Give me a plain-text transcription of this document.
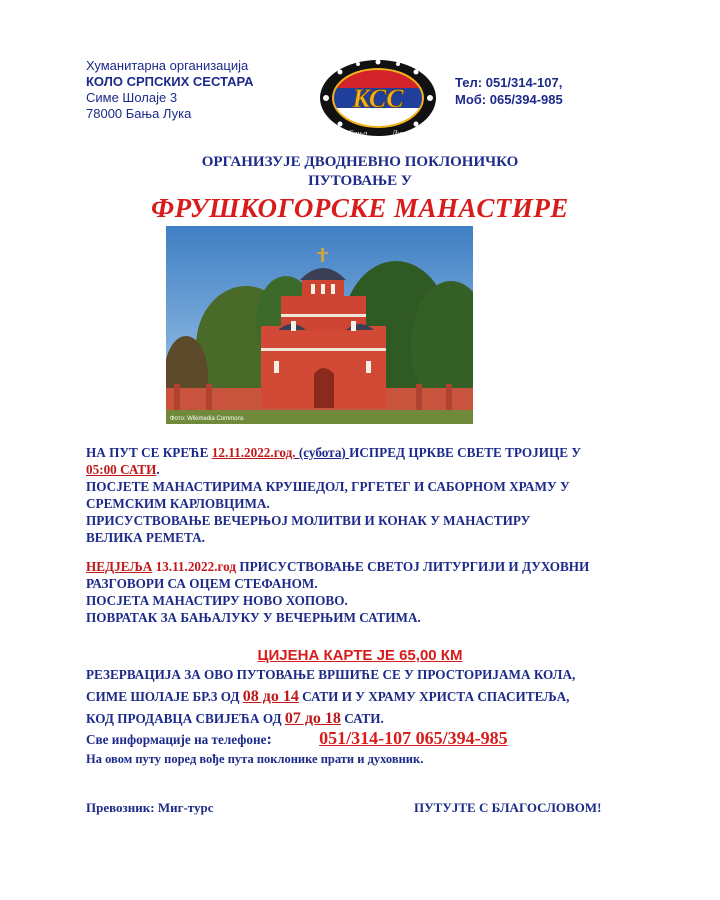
Хуманитарна организација
КОЛО СРПСКИХ СЕСТАРА
Симе Шолаје 3
78000 Бања Лука
КСС
Бања	Лука
Тел: 051/314-107,
Моб: 065/394-985
ОРГАНИЗУЈЕ ДВОДНЕВНО ПОКЛОНИЧКО
ПУТОВАЊЕ У
ФРУШКОГОРСКЕ МАНАСТИРЕ
Фото: Wikimedia Commons
НА ПУТ СЕ КРЕЋЕ 12.11.2022.год. (субота) ИСПРЕД ЦРКВЕ СВЕТЕ ТРОЈИЦЕ У
05:00 САТИ.
ПОСЈЕТЕ МАНАСТИРИМА КРУШЕДОЛ, ГРГЕТЕГ И САБОРНОМ ХРАМУ У
СРЕМСКИМ КАРЛОВЦИМА.
ПРИСУСТВОВАЊЕ ВЕЧЕРЊОЈ МОЛИТВИ И КОНАК У МАНАСТИРУ
ВЕЛИКА РЕМЕТА.
НЕДЈЕЉА 13.11.2022.год ПРИСУСТВОВАЊЕ СВЕТОЈ ЛИТУРГИЈИ И ДУХОВНИ
РАЗГОВОРИ СА ОЦЕМ СТЕФАНОМ.
ПОСЈЕТА МАНАСТИРУ НОВО ХОПОВО.
ПОВРАТАК ЗА БАЊАЛУКУ У ВЕЧЕРЊИМ САТИМА.
ЦИЈЕНА КАРТЕ ЈЕ 65,00 КМ
РЕЗЕРВАЦИЈА ЗА ОВО ПУТОВАЊЕ ВРШИЋЕ СЕ У ПРОСТОРИЈАМА КОЛА,
СИМЕ ШОЛАЈЕ БР.3 ОД 08 до 14 САТИ И У ХРАМУ ХРИСТА СПАСИТЕЉА,
КОД ПРОДАВЦА СВИЈЕЋА ОД 07 до 18 САТИ.
Све информације на телефоне:	051/314-107 065/394-985
На овом путу поред вође пута поклонике прати и духовник.
Превозник: Миг-турс	ПУТУЈТЕ С БЛАГОСЛОВОМ!
